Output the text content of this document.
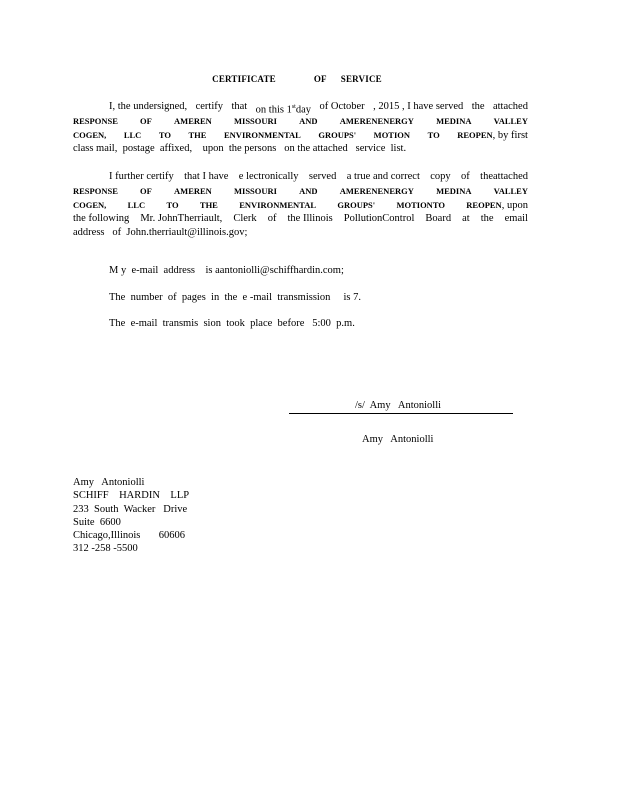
CERTIFICATE	OF SERVICE
I, the undersigned, certify that on this 1stday of October , 2015 , I have served the attached
RESPONSE	OF	AMEREN	MISSOURI	AND	AMERENENERGY	MEDINA	VALLEY
COGEN, LLC TO THE ENVIRONMENTAL GROUPS' MOTION TO REOPEN, by first
class mail,  postage  affixed,    upon  the persons   on the attached   service  list.
I further certify that I have e lectronically served a true and correct copy of theattached
RESPONSE	OF	AMEREN	MISSOURI	AND	AMERENENERGY	MEDINA	VALLEY
COGEN,	LLC	TO	THE	ENVIRONMENTAL	GROUPS'	MOTIONTO	REOPEN, upon
the following Mr. JohnTherriault, Clerk of the Illinois PollutionControl Board at the email
address   of  John.therriault@illinois.gov;
M y  e-mail  address    is aantoniolli@schiffhardin.com;
The  number  of  pages  in  the  e -mail  transmission     is 7.
The  e-mail  transmis  sion  took  place  before   5:00  p.m.
/s/  Amy   Antoniolli
Amy   Antoniolli
Amy   Antoniolli
SCHIFF    HARDIN    LLP
233  South  Wacker   Drive
Suite  6600
Chicago,Illinois       60606
312 -258 -5500
